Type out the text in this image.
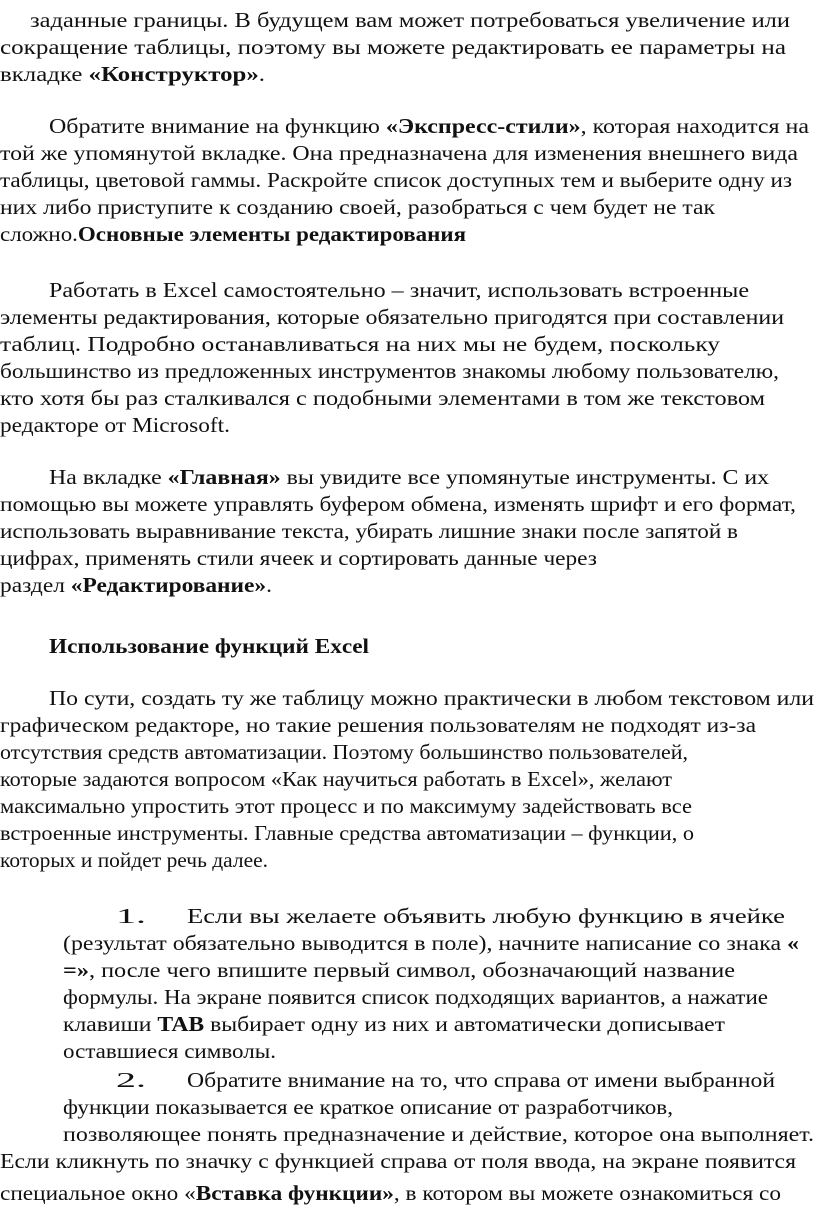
заданные границы. В будущем вам может потребоваться увеличение или
сокращение таблицы, поэтому вы можете редактировать ее параметры на
вкладке «Конструктор».
Обратите внимание на функцию «Экспресс-стили», которая находится на
той же упомянутой вкладке. Она предназначена для изменения внешнего вида
таблицы, цветовой гаммы. Раскройте список доступных тем и выберите одну из
них либо приступите к созданию своей, разобраться с чем будет не так
сложно.Основные элементы редактирования
Работать в Excel самостоятельно – значит, использовать встроенные
элементы редактирования, которые обязательно пригодятся при составлении
таблиц. Подробно останавливаться на них мы не будем, поскольку
большинство из предложенных инструментов знакомы любому пользователю,
кто хотя бы раз сталкивался с подобными элементами в том же текстовом
редакторе от Microsoft.
На вкладке «Главная» вы увидите все упомянутые инструменты. С их
помощью вы можете управлять буфером обмена, изменять шрифт и его формат,
использовать выравнивание текста, убирать лишние знаки после запятой в
цифрах, применять стили ячеек и сортировать данные через
раздел «Редактирование».
Использование функций Excel
По сути, создать ту же таблицу можно практически в любом текстовом или
графическом редакторе, но такие решения пользователям не подходят из-за
отсутствия средств автоматизации. Поэтому большинство пользователей,
которые задаются вопросом «Как научиться работать в Excel», желают
максимально упростить этот процесс и по максимуму задействовать все
встроенные инструменты. Главные средства автоматизации – функции, о
которых и пойдет речь далее.
1. Если вы желаете объявить любую функцию в ячейке
(результат обязательно выводится в поле), начните написание со знака «
=», после чего впишите первый символ, обозначающий название
формулы. На экране появится список подходящих вариантов, а нажатие
клавиши TAB выбирает одну из них и автоматически дописывает
оставшиеся символы.
2. Обратите внимание на то, что справа от имени выбранной
функции показывается ее краткое описание от разработчиков,
позволяющее понять предназначение и действие, которое она выполняет.
Если кликнуть по значку с функцией справа от поля ввода, на экране появится
специальное окно «Вставка функции», в котором вы можете ознакомиться со
